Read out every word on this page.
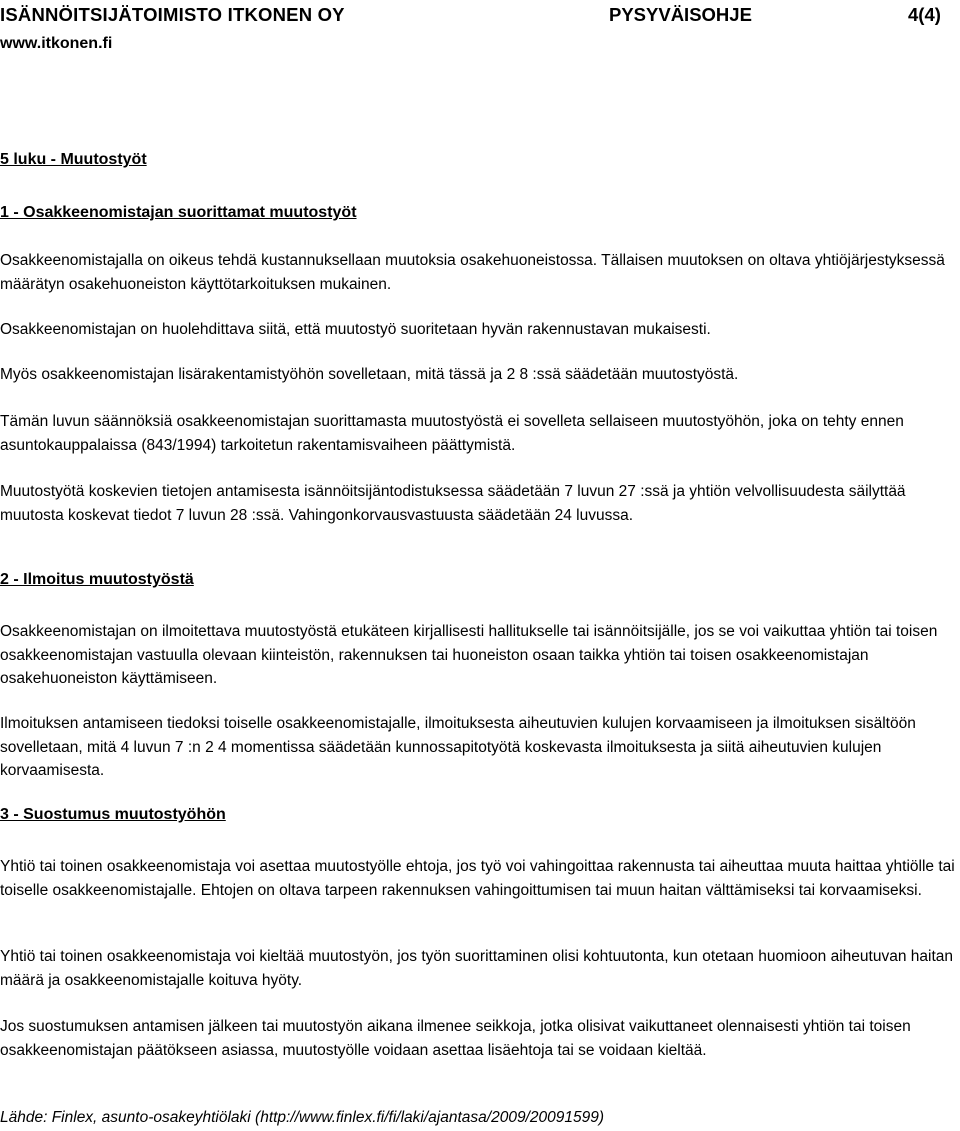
ISÄNNÖITSIJÄTOIMISTO ITKONEN OY	PYSYVÄISOHJE	4(4)
www.itkonen.fi
5 luku - Muutostyöt
1 - Osakkeenomistajan suorittamat muutostyöt
Osakkeenomistajalla on oikeus tehdä kustannuksellaan muutoksia osakehuoneistossa. Tällaisen muutoksen on oltava yhtiöjärjestyksessä määrätyn osakehuoneiston käyttötarkoituksen mukainen.
Osakkeenomistajan on huolehdittava siitä, että muutostyö suoritetaan hyvän rakennustavan mukaisesti.
Myös osakkeenomistajan lisärakentamistyöhön sovelletaan, mitä tässä ja 2 8 :ssä säädetään muutostyöstä.
Tämän luvun säännöksiä osakkeenomistajan suorittamasta muutostyöstä ei sovelleta sellaiseen muutostyöhön, joka on tehty ennen asuntokauppalaissa (843/1994) tarkoitetun rakentamisvaiheen päättymistä.
Muutostyötä koskevien tietojen antamisesta isännöitsijäntodistuksessa säädetään 7 luvun 27 :ssä ja yhtiön velvollisuudesta säilyttää muutosta koskevat tiedot 7 luvun 28 :ssä. Vahingonkorvausvastuusta säädetään 24 luvussa.
2 - Ilmoitus muutostyöstä
Osakkeenomistajan on ilmoitettava muutostyöstä etukäteen kirjallisesti hallitukselle tai isännöitsijälle, jos se voi vaikuttaa yhtiön tai toisen osakkeenomistajan vastuulla olevaan kiinteistön, rakennuksen tai huoneiston osaan taikka yhtiön tai toisen osakkeenomistajan osakehuoneiston käyttämiseen.
Ilmoituksen antamiseen tiedoksi toiselle osakkeenomistajalle, ilmoituksesta aiheutuvien kulujen korvaamiseen ja ilmoituksen sisältöön sovelletaan, mitä 4 luvun 7 :n 2 4 momentissa säädetään kunnossapitotyötä koskevasta ilmoituksesta ja siitä aiheutuvien kulujen korvaamisesta.
3 - Suostumus muutostyöhön
Yhtiö tai toinen osakkeenomistaja voi asettaa muutostyölle ehtoja, jos työ voi vahingoittaa rakennusta tai aiheuttaa muuta haittaa yhtiölle tai toiselle osakkeenomistajalle. Ehtojen on oltava tarpeen rakennuksen vahingoittumisen tai muun haitan välttämiseksi tai korvaamiseksi.
Yhtiö tai toinen osakkeenomistaja voi kieltää muutostyön, jos työn suorittaminen olisi kohtuutonta, kun otetaan huomioon aiheutuvan haitan määrä ja osakkeenomistajalle koituva hyöty.
Jos suostumuksen antamisen jälkeen tai muutostyön aikana ilmenee seikkoja, jotka olisivat vaikuttaneet olennaisesti yhtiön tai toisen osakkeenomistajan päätökseen asiassa, muutostyölle voidaan asettaa lisäehtoja tai se voidaan kieltää.
Lähde: Finlex, asunto-osakeyhtiölaki (http://www.finlex.fi/fi/laki/ajantasa/2009/20091599)
